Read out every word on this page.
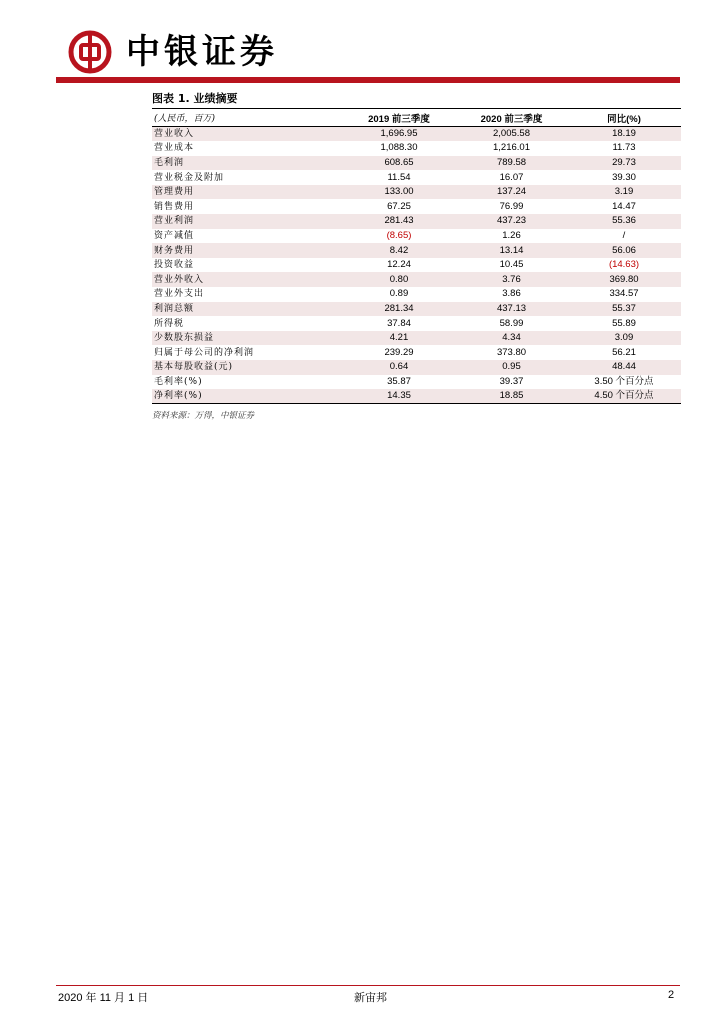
中银证券
图表 1. 业绩摘要
(人民币，百万)	2019 前三季度	2020 前三季度	同比(%)
营业收入	1,696.95	2,005.58	18.19
营业成本	1,088.30	1,216.01	11.73
毛利润	608.65	789.58	29.73
营业税金及附加	11.54	16.07	39.30
管理费用	133.00	137.24	3.19
销售费用	67.25	76.99	14.47
营业利润	281.43	437.23	55.36
资产减值	(8.65)	1.26	/
财务费用	8.42	13.14	56.06
投资收益	12.24	10.45	(14.63)
营业外收入	0.80	3.76	369.80
营业外支出	0.89	3.86	334.57
利润总额	281.34	437.13	55.37
所得税	37.84	58.99	55.89
少数股东损益	4.21	4.34	3.09
归属于母公司的净利润	239.29	373.80	56.21
基本每股收益(元)	0.64	0.95	48.44
毛利率(%)	35.87	39.37	3.50 个百分点
净利率(%)	14.35	18.85	4.50 个百分点
资料来源：万得，中银证券
2020 年 11 月 1 日	新宙邦	2
